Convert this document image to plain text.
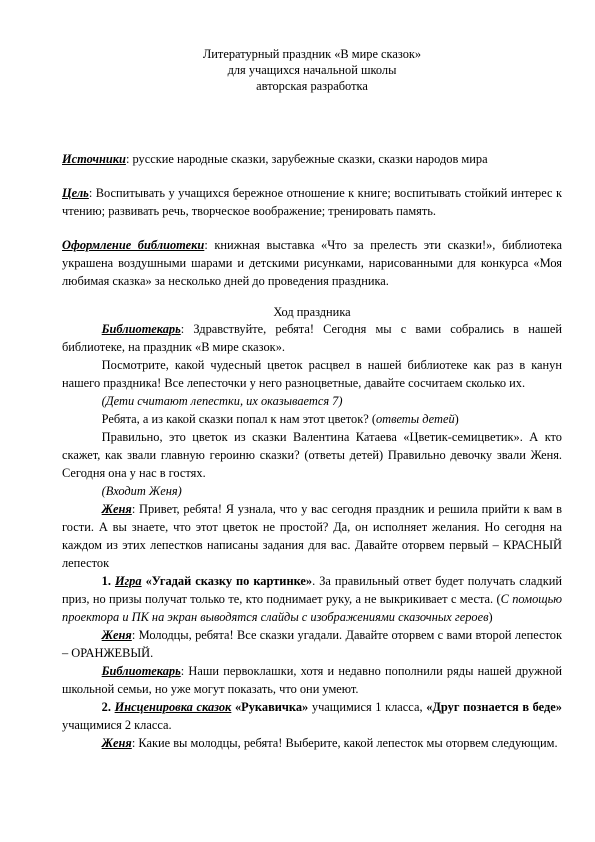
Литературный праздник «В мире сказок»
для учащихся начальной школы
авторская разработка

Источники: русские народные сказки, зарубежные сказки, сказки народов мира

Цель: Воспитывать у учащихся бережное отношение к книге; воспитывать стойкий интерес к чтению; развивать речь, творческое воображение; тренировать память.

Оформление библиотеки: книжная выставка «Что за прелесть эти сказки!», библиотека украшена воздушными шарами и детскими рисунками, нарисованными для конкурса «Моя любимая сказка» за несколько дней до проведения праздника.

Ход праздника

Библиотекарь: Здравствуйте, ребята! Сегодня мы с вами собрались в нашей библиотеке, на праздник «В мире сказок».

Посмотрите, какой чудесный цветок расцвел в нашей библиотеке как раз в канун нашего праздника! Все лепесточки у него разноцветные, давайте сосчитаем сколько их.

(Дети считают лепестки, их оказывается 7)

Ребята, а из какой сказки попал к нам этот цветок? (ответы детей)

Правильно, это цветок из сказки Валентина Катаева «Цветик-семицветик». А кто скажет, как звали главную героиню сказки? (ответы детей) Правильно девочку звали Женя. Сегодня она у нас в гостях.

(Входит Женя)

Женя: Привет, ребята! Я узнала, что у вас сегодня праздник и решила прийти к вам в гости. А вы знаете, что этот цветок не простой? Да, он исполняет желания. Но сегодня на каждом из этих лепестков написаны задания для вас. Давайте оторвем первый – КРАСНЫЙ лепесток

1. Игра «Угадай сказку по картинке». За правильный ответ будет получать сладкий приз, но призы получат только те, кто поднимает руку, а не выкрикивает с места. (С помощью проектора и ПК на экран выводятся слайды с изображениями сказочных героев)

Женя: Молодцы, ребята! Все сказки угадали. Давайте оторвем с вами второй лепесток – ОРАНЖЕВЫЙ.

Библиотекарь: Наши первоклашки, хотя и недавно пополнили ряды нашей дружной школьной семьи, но уже могут показать, что они умеют.

2. Инсценировка сказок «Рукавичка» учащимися 1 класса, «Друг познается в беде» учащимися 2 класса.

Женя: Какие вы молодцы, ребята! Выберите, какой лепесток мы оторвем следующим.
